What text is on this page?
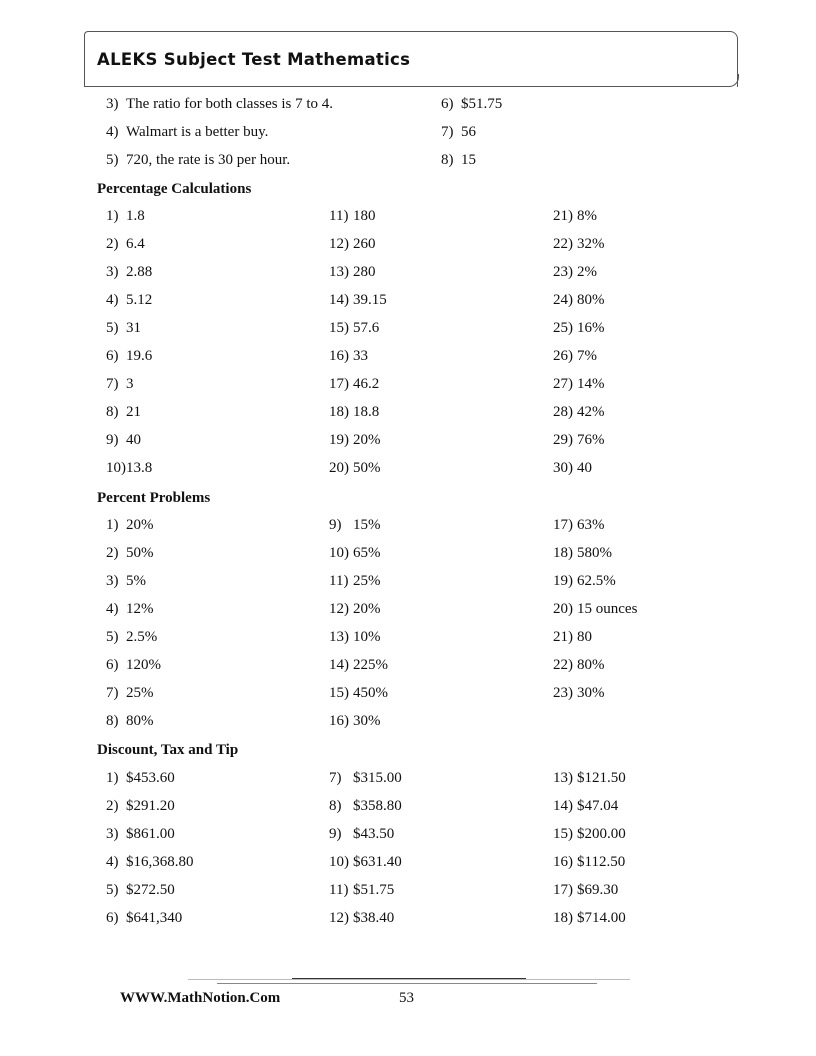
ALEKS Subject Test Mathematics
3) The ratio for both classes is 7 to 4.
4) Walmart is a better buy.
5) 720, the rate is 30 per hour.
6) $51.75
7) 56
8) 15
1) 1.8
2) 6.4
3) 2.88
4) 5.12
5) 31
6) 19.6
7) 3
8) 21
9) 40
10)13.8
11) 180
12) 260
13) 280
14) 39.15
15) 57.6
16) 33
17) 46.2
18) 18.8
19) 20%
20) 50%
21) 8%
22) 32%
23) 2%
24) 80%
25) 16%
26) 7%
27) 14%
28) 42%
29) 76%
30) 40
1) 20%
2) 50%
3) 5%
4) 12%
5) 2.5%
6) 120%
7) 25%
8) 80%
9) 15%
10) 65%
11) 25%
12) 20%
13) 10%
14) 225%
15) 450%
16) 30%
17) 63%
18) 580%
19) 62.5%
20) 15 ounces
21) 80
22) 80%
23) 30%
1) $453.60
2) $291.20
3) $861.00
4) $16,368.80
5) $272.50
6) $641,340
7) $315.00
8) $358.80
9) $43.50
10) $631.40
11) $51.75
12) $38.40
13) $121.50
14) $47.04
15) $200.00
16) $112.50
17) $69.30
18) $714.00
Percentage Calculations
Percent Problems
Discount, Tax and Tip
WWW.MathNotion.Com	53
